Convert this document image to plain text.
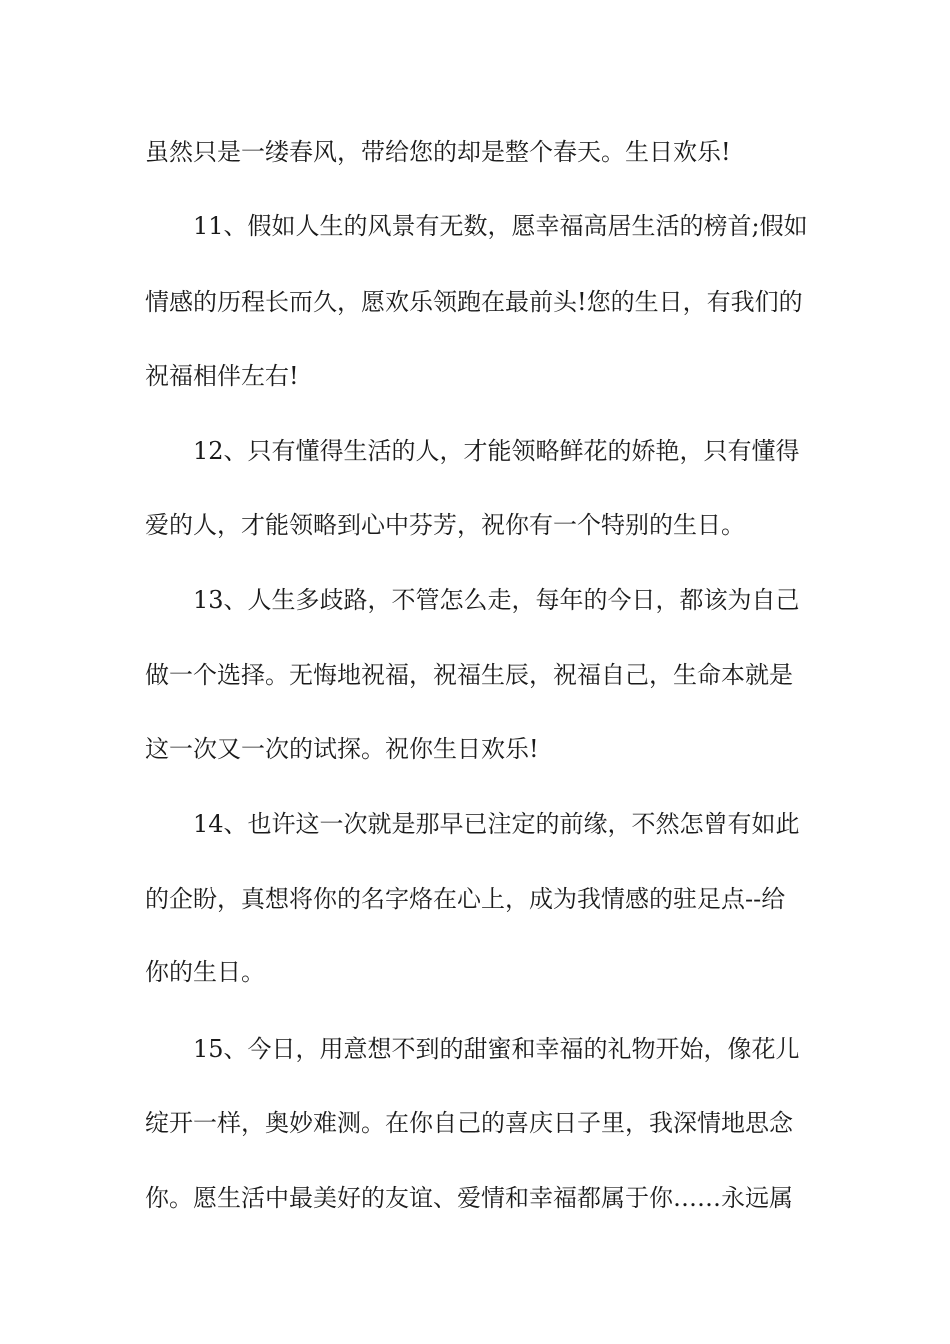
虽然只是一缕春风，带给您的却是整个春天。生日欢乐!

11、假如人生的风景有无数，愿幸福高居生活的榜首;假如

情感的历程长而久，愿欢乐领跑在最前头!您的生日，有我们的

祝福相伴左右!

12、只有懂得生活的人，才能领略鲜花的娇艳，只有懂得

爱的人，才能领略到心中芬芳，祝你有一个特别的生日。

13、人生多歧路，不管怎么走，每年的今日，都该为自己

做一个选择。无悔地祝福，祝福生辰，祝福自己，生命本就是

这一次又一次的试探。祝你生日欢乐!

14、也许这一次就是那早已注定的前缘，不然怎曾有如此

的企盼，真想将你的名字烙在心上，成为我情感的驻足点--给

你的生日。

15、今日，用意想不到的甜蜜和幸福的礼物开始，像花儿

绽开一样，奥妙难测。在你自己的喜庆日子里，我深情地思念

你。愿生活中最美好的友谊、爱情和幸福都属于你……永远属
